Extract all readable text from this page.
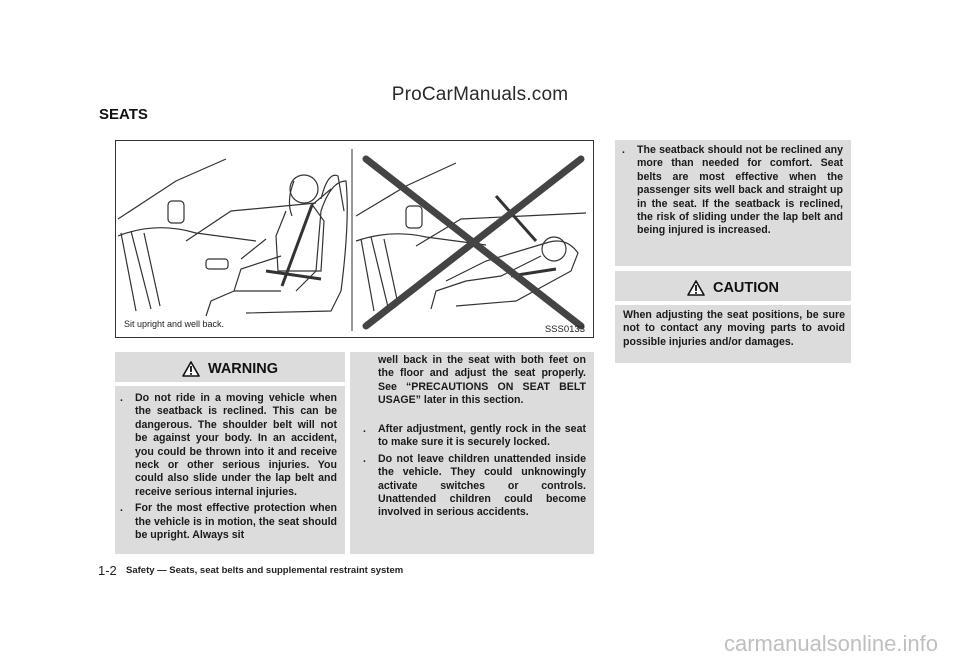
ProCarManuals.com
SEATS
Sit upright and well back.	SSS0133
WARNING
. Do not ride in a moving vehicle when the seatback is reclined. This can be dangerous. The shoulder belt will not be against your body. In an accident, you could be thrown into it and receive neck or other serious injuries. You could also slide under the lap belt and receive serious internal injuries.
. For the most effective protection when the vehicle is in motion, the seat should be upright. Always sit
well back in the seat with both feet on the floor and adjust the seat properly. See “PRECAUTIONS ON SEAT BELT USAGE” later in this section.
. After adjustment, gently rock in the seat to make sure it is securely locked.
. Do not leave children unattended inside the vehicle. They could unknowingly activate switches or controls. Unattended children could become involved in serious accidents.
. The seatback should not be reclined any more than needed for comfort. Seat belts are most effective when the passenger sits well back and straight up in the seat. If the seatback is reclined, the risk of sliding under the lap belt and being injured is increased.
CAUTION
When adjusting the seat positions, be sure not to contact any moving parts to avoid possible injuries and/or damages.
1-2 Safety — Seats, seat belts and supplemental restraint system
carmanualsonline.info
